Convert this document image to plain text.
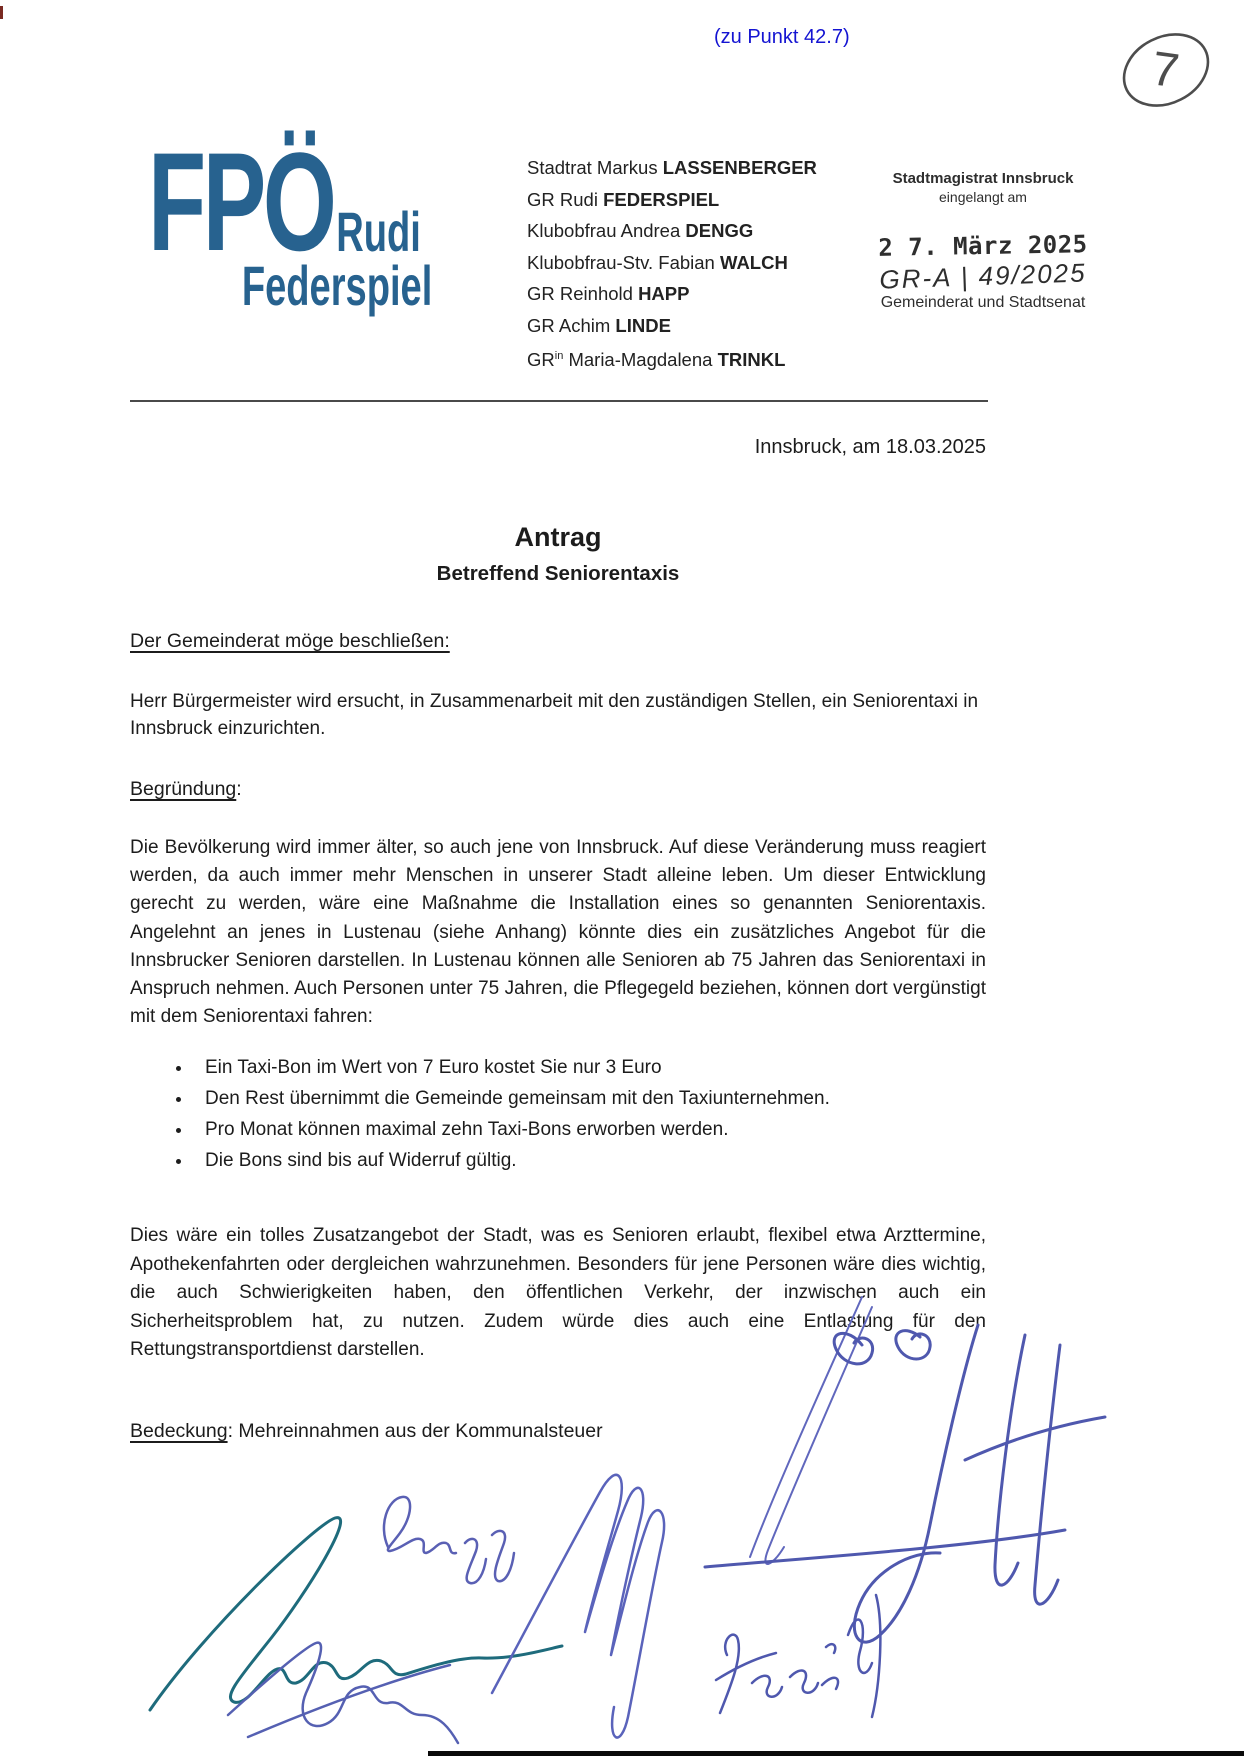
(zu Punkt 42.7)
7
FPÖ Rudi
Federspiel
Stadtrat Markus LASSENBERGER
GR Rudi FEDERSPIEL
Klubobfrau Andrea DENGG
Klubobfrau-Stv. Fabian WALCH
GR Reinhold HAPP
GR Achim LINDE
$GR^{in}$ Maria-Magdalena TRINKL
Stadtmagistrat Innsbruck
eingelangt am
2 7. März 2025
GR-A | 49/2025
Gemeinderat und Stadtsenat
Innsbruck, am 18.03.2025
Antrag
Betreffend Seniorentaxis
Der Gemeinderat möge beschließen:
Herr Bürgermeister wird ersucht, in Zusammenarbeit mit den zuständigen Stellen, ein Seniorentaxi in Innsbruck einzurichten.
Begründung:
Die Bevölkerung wird immer älter, so auch jene von Innsbruck. Auf diese Veränderung muss reagiert werden, da auch immer mehr Menschen in unserer Stadt alleine leben. Um dieser Entwicklung gerecht zu werden, wäre eine Maßnahme die Installation eines so genannten Seniorentaxis. Angelehnt an jenes in Lustenau (siehe Anhang) könnte dies ein zusätzliches Angebot für die Innsbrucker Senioren darstellen. In Lustenau können alle Senioren ab 75 Jahren das Seniorentaxi in Anspruch nehmen. Auch Personen unter 75 Jahren, die Pflegegeld beziehen, können dort vergünstigt mit dem Seniorentaxi fahren:
• Ein Taxi-Bon im Wert von 7 Euro kostet Sie nur 3 Euro
• Den Rest übernimmt die Gemeinde gemeinsam mit den Taxiunternehmen.
• Pro Monat können maximal zehn Taxi-Bons erworben werden.
• Die Bons sind bis auf Widerruf gültig.
Dies wäre ein tolles Zusatzangebot der Stadt, was es Senioren erlaubt, flexibel etwa Arzttermine, Apothekenfahrten oder dergleichen wahrzunehmen. Besonders für jene Personen wäre dies wichtig, die auch Schwierigkeiten haben, den öffentlichen Verkehr, der inzwischen auch ein Sicherheitsproblem hat, zu nutzen. Zudem würde dies auch eine Entlastung für den Rettungstransportdienst darstellen.
Bedeckung: Mehreinnahmen aus der Kommunalsteuer
